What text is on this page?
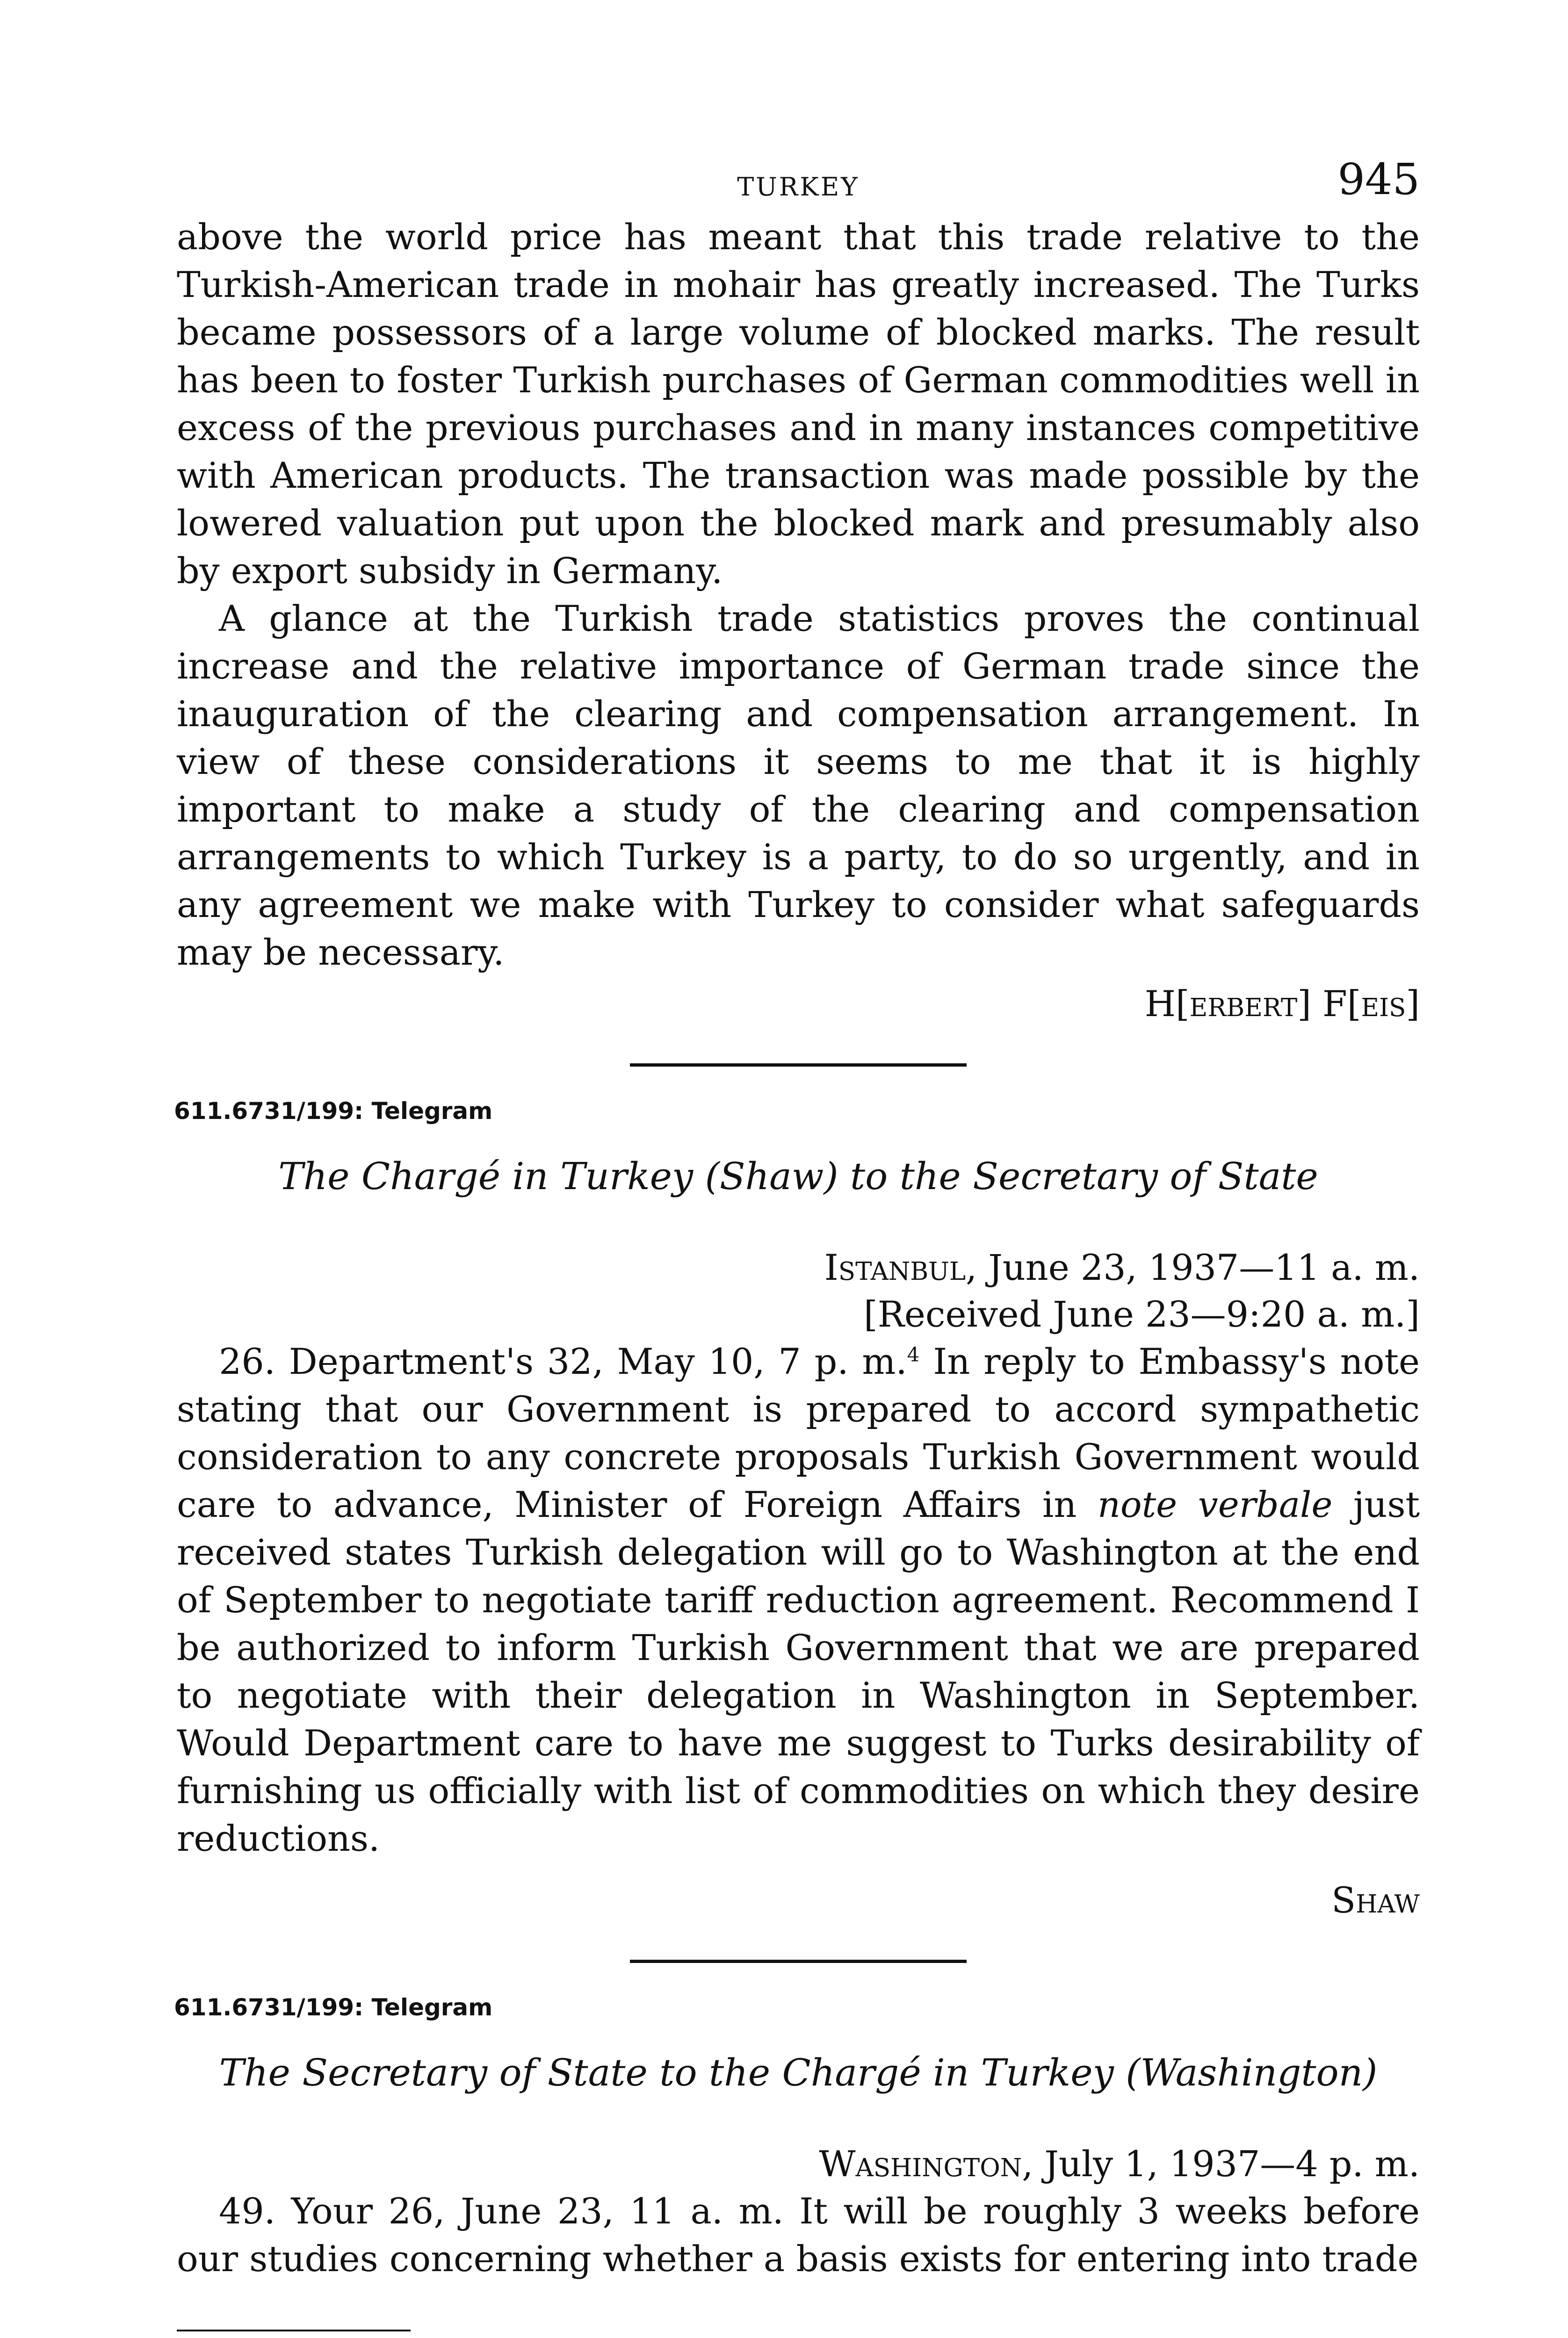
TURKEY	945

above the world price has meant that this trade relative to the Turkish-American trade in mohair has greatly increased. The Turks became possessors of a large volume of blocked marks. The result has been to foster Turkish purchases of German commodities well in excess of the previous purchases and in many instances competitive with American products. The transaction was made possible by the lowered valuation put upon the blocked mark and presumably also by export subsidy in Germany.

A glance at the Turkish trade statistics proves the continual increase and the relative importance of German trade since the inauguration of the clearing and compensation arrangement. In view of these considerations it seems to me that it is highly important to make a study of the clearing and compensation arrangements to which Turkey is a party, to do so urgently, and in any agreement we make with Turkey to consider what safeguards may be necessary.

H[erbert] F[eis]
611.6731/199: Telegram
The Chargé in Turkey (Shaw) to the Secretary of State
Istanbul, June 23, 1937—11 a. m.
[Received June 23—9:20 a. m.]

26. Department's 32, May 10, 7 p. m.$^4$ In reply to Embassy's note stating that our Government is prepared to accord sympathetic consideration to any concrete proposals Turkish Government would care to advance, Minister of Foreign Affairs in note verbale just received states Turkish delegation will go to Washington at the end of September to negotiate tariff reduction agreement. Recommend I be authorized to inform Turkish Government that we are prepared to negotiate with their delegation in Washington in September. Would Department care to have me suggest to Turks desirability of furnishing us officially with list of commodities on which they desire reductions.

Shaw
611.6731/199: Telegram
The Secretary of State to the Chargé in Turkey (Washington)
Washington, July 1, 1937—4 p. m.

49. Your 26, June 23, 11 a. m. It will be roughly 3 weeks before our studies concerning whether a basis exists for entering into trade
